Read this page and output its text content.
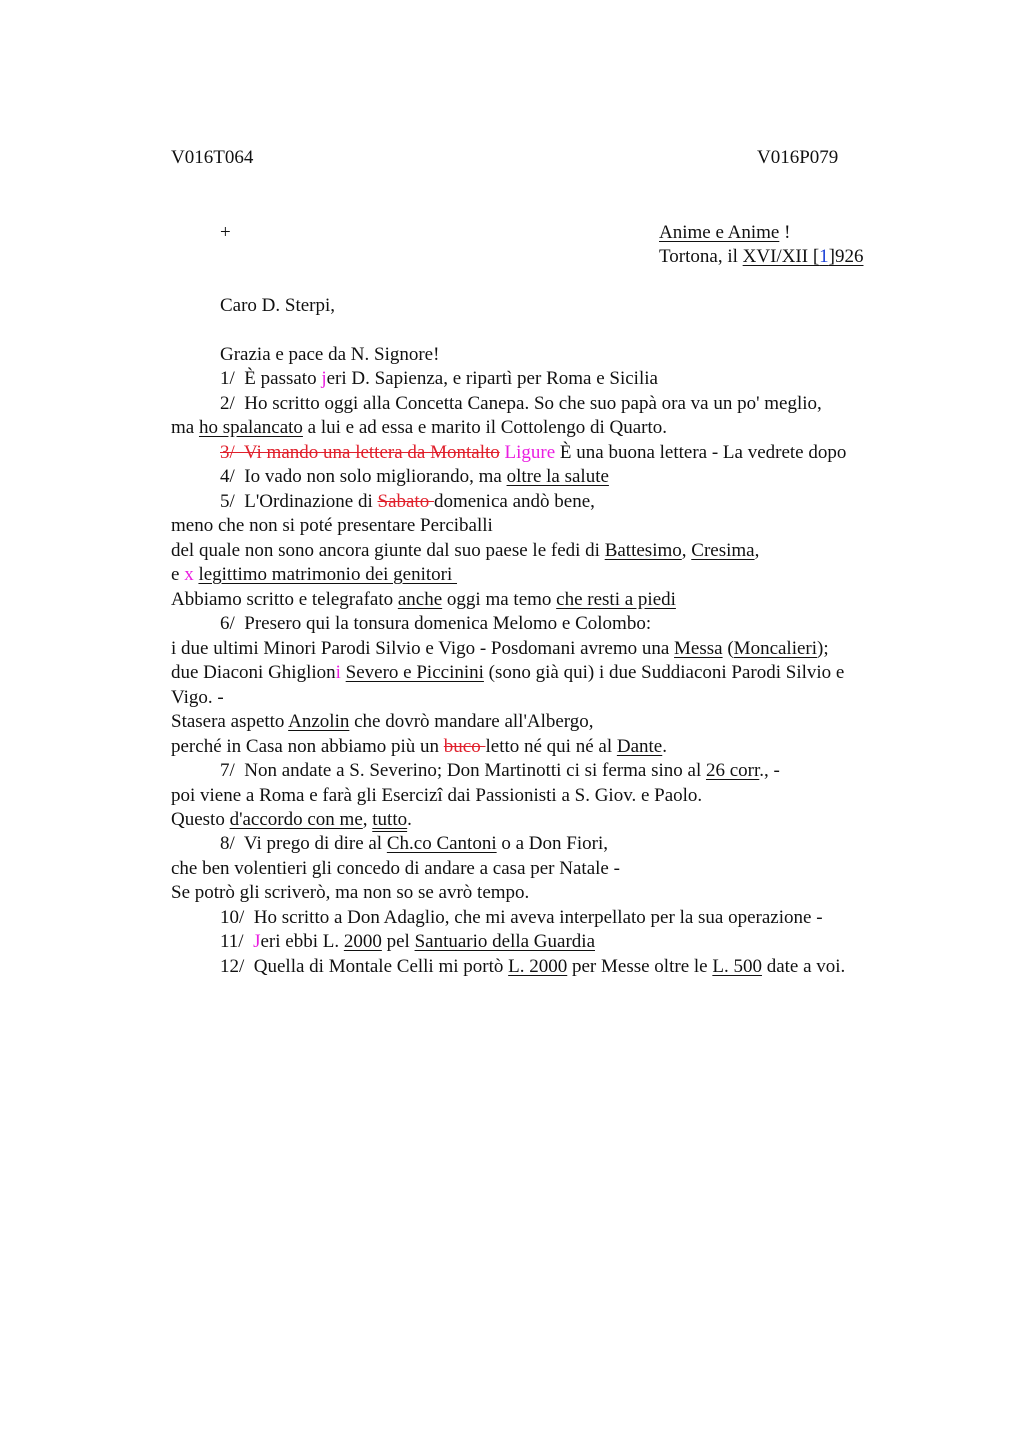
V016T064	V016P079
+	Anime e Anime !
Tortona, il XVI/XII [1]926
Caro D. Sterpi,
Grazia e pace da N. Signore!
1/  È passato jeri D. Sapienza, e ripartì per Roma e Sicilia
2/  Ho scritto oggi alla Concetta Canepa. So che suo papà ora va un po' meglio,
ma ho spalancato a lui e ad essa e marito il Cottolengo di Quarto.
3/  Vi mando una lettera da Montalto Ligure È una buona lettera - La vedrete dopo
4/  Io vado non solo migliorando, ma oltre la salute
5/  L'Ordinazione di Sabato domenica andò bene,
meno che non si poté presentare Perciballi
del quale non sono ancora giunte dal suo paese le fedi di Battesimo, Cresima,
e x legittimo matrimonio dei genitori
Abbiamo scritto e telegrafato anche oggi ma temo che resti a piedi
6/  Presero qui la tonsura domenica Melomo e Colombo:
i due ultimi Minori Parodi Silvio e Vigo - Posdomani avremo una Messa (Moncalieri);
due Diaconi Ghiglioni Severo e Piccinini (sono già qui) i due Suddiaconi Parodi Silvio e
Vigo. -
Stasera aspetto Anzolin che dovrò mandare all'Albergo,
perché in Casa non abbiamo più un buco letto né qui né al Dante.
7/  Non andate a S. Severino; Don Martinotti ci si ferma sino al 26 corr., -
poi viene a Roma e farà gli Esercizi dai Passionisti a S. Giov. e Paolo.
Questo d'accordo con me, tutto.
8/  Vi prego di dire al Ch.co Cantoni o a Don Fiori,
che ben volentieri gli concedo di andare a casa per Natale -
Se potrò gli scriverò, ma non so se avrò tempo.
10/  Ho scritto a Don Adaglio, che mi aveva interpellato per la sua operazione -
11/  Jeri ebbi L. 2000 pel Santuario della Guardia
12/  Quella di Montale Celli mi portò L. 2000 per Messe oltre le L. 500 date a voi.
